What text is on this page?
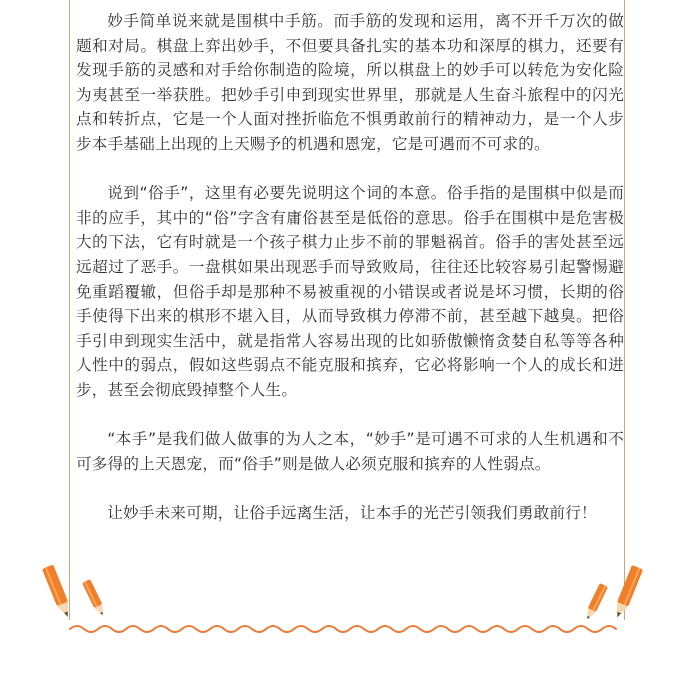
妙手简单说来就是围棋中手筋。而手筋的发现和运用，离不开千万次的做题和对局。棋盘上弈出妙手，不但要具备扎实的基本功和深厚的棋力，还要有发现手筋的灵感和对手给你制造的险境，所以棋盘上的妙手可以转危为安化险为夷甚至一举获胜。把妙手引申到现实世界里，那就是人生奋斗旅程中的闪光点和转折点，它是一个人面对挫折临危不惧勇敢前行的精神动力，是一个人步步本手基础上出现的上天赐予的机遇和恩宠，它是可遇而不可求的。

说到“俗手”，这里有必要先说明这个词的本意。俗手指的是围棋中似是而非的应手，其中的“俗”字含有庸俗甚至是低俗的意思。俗手在围棋中是危害极大的下法，它有时就是一个孩子棋力止步不前的罪魁祸首。俗手的害处甚至远远超过了恶手。一盘棋如果出现恶手而导致败局，往往还比较容易引起警惕避免重蹈覆辙，但俗手却是那种不易被重视的小错误或者说是坏习惯，长期的俗手使得下出来的棋形不堪入目，从而导致棋力停滞不前，甚至越下越臭。把俗手引申到现实生活中，就是指常人容易出现的比如骄傲懒惰贪婪自私等等各种人性中的弱点，假如这些弱点不能克服和摈弃，它必将影响一个人的成长和进步，甚至会彻底毁掉整个人生。

“本手”是我们做人做事的为人之本，“妙手”是可遇不可求的人生机遇和不可多得的上天恩宠，而“俗手”则是做人必须克服和摈弃的人性弱点。

让妙手未来可期，让俗手远离生活，让本手的光芒引领我们勇敢前行！
